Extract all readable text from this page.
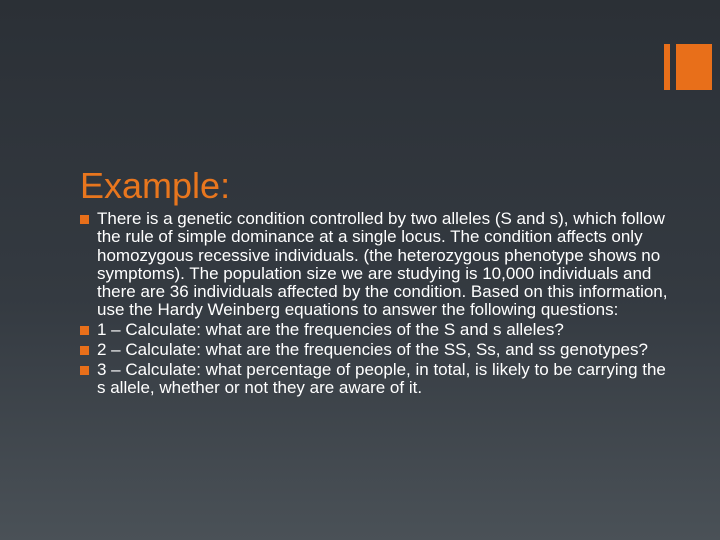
Example:
There is a genetic condition controlled by two alleles (S and s), which follow the rule of simple dominance at a single locus. The condition affects only homozygous recessive individuals. (the heterozygous phenotype shows no symptoms). The population size we are studying is 10,000 individuals and there are 36 individuals affected by the condition. Based on this information, use the Hardy Weinberg equations to answer the following questions:
1 – Calculate: what are the frequencies of the S and s alleles?
2 – Calculate: what are the frequencies of the SS, Ss, and ss genotypes?
3 – Calculate: what percentage of people, in total, is likely to be carrying the s allele, whether or not they are aware of it.
